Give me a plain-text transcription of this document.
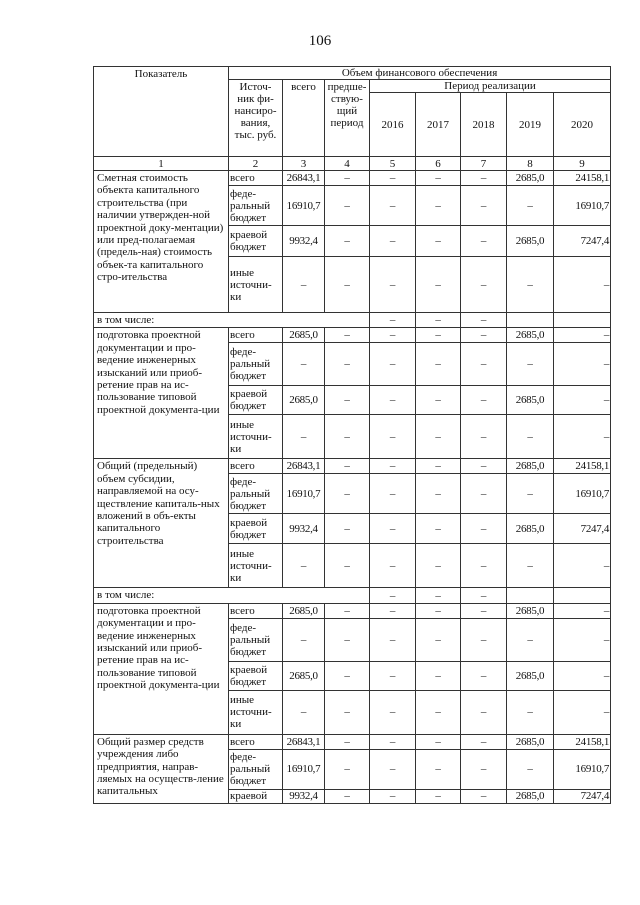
106
Показатель	Объем финансового обеспечения							
	Источ-
ник фи-
нансиро-
вания,
тыс. руб.	всего	предше-
ствую-
щий
период	Период реализации				
				2016	2017	2018	2019	2020
1	2	3	4	5	6	7	8	9
Сметная стоимость объекта капитального строительства (при наличии утвержден-ной проектной доку-ментации) или пред-полагаемая (предель-ная) стоимость объек-та капитального стро-ительства	всего	26843,1	–	–	–	–	2685,0	24158,1
	феде-
ральный
бюджет	16910,7	–	–	–	–	–	16910,7
	краевой
бюджет	9932,4	–	–	–	–	2685,0	7247,4
	иные
источни-
ки	–	–	–	–	–	–	–
в том числе:				–	–	–		
подготовка проектной документации и про-ведение инженерных изысканий или приоб-ретение прав на ис-пользование типовой проектной документа-ции	всего	2685,0	–	–	–	–	2685,0	–
	феде-
ральный
бюджет	–	–	–	–	–	–	–
	краевой
бюджет	2685,0	–	–	–	–	2685,0	–
	иные
источни-
ки	–	–	–	–	–	–	–
Общий (предельный) объем субсидии, направляемой на осу-ществление капиталь-ных вложений в объ-екты капитального строительства	всего	26843,1	–	–	–	–	2685,0	24158,1
	феде-
ральный
бюджет	16910,7	–	–	–	–	–	16910,7
	краевой
бюджет	9932,4	–	–	–	–	2685,0	7247,4
	иные
источни-
ки	–	–	–	–	–	–	–
в том числе:				–	–	–		
подготовка проектной документации и про-ведение инженерных изысканий или приоб-ретение прав на ис-пользование типовой проектной документа-ции	всего	2685,0	–	–	–	–	2685,0	–
	феде-
ральный
бюджет	–	–	–	–	–	–	–
	краевой
бюджет	2685,0	–	–	–	–	2685,0	–
	иные
источни-
ки	–	–	–	–	–	–	–
Общий размер средств учреждения либо предприятия, направ-ляемых на осуществ-ление капитальных	всего	26843,1	–	–	–	–	2685,0	24158,1
	феде-
ральный
бюджет	16910,7	–	–	–	–	–	16910,7
	краевой	9932,4	–	–	–	–	2685,0	7247,4
